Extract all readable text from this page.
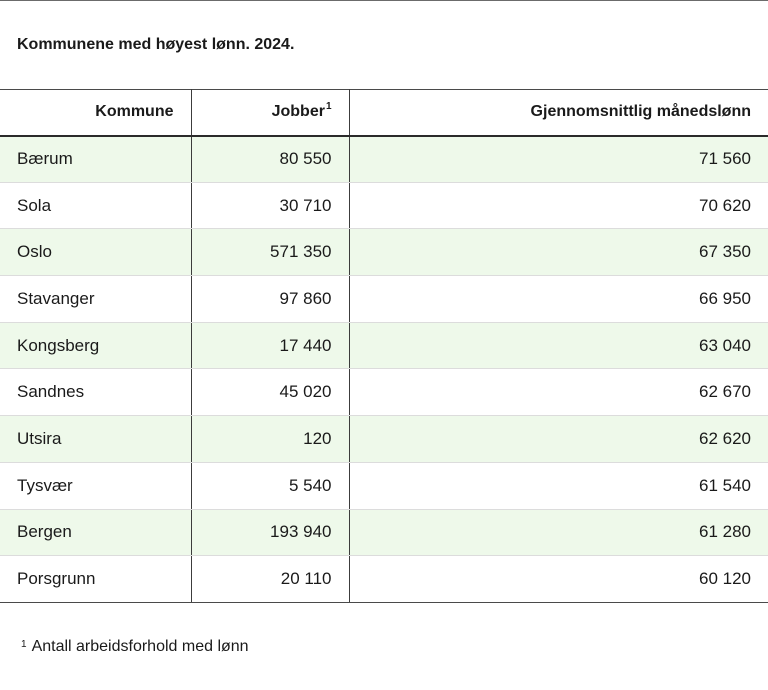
Kommunene med høyest lønn. 2024.
Kommune	Jobber$^1$	Gjennomsnittlig månedslønn
Bærum	80 550	71 560
Sola	30 710	70 620
Oslo	571 350	67 350
Stavanger	97 860	66 950
Kongsberg	17 440	63 040
Sandnes	45 020	62 670
Utsira	120	62 620
Tysvær	5 540	61 540
Bergen	193 940	61 280
Porsgrunn	20 110	60 120
$^1$ Antall arbeidsforhold med lønn
